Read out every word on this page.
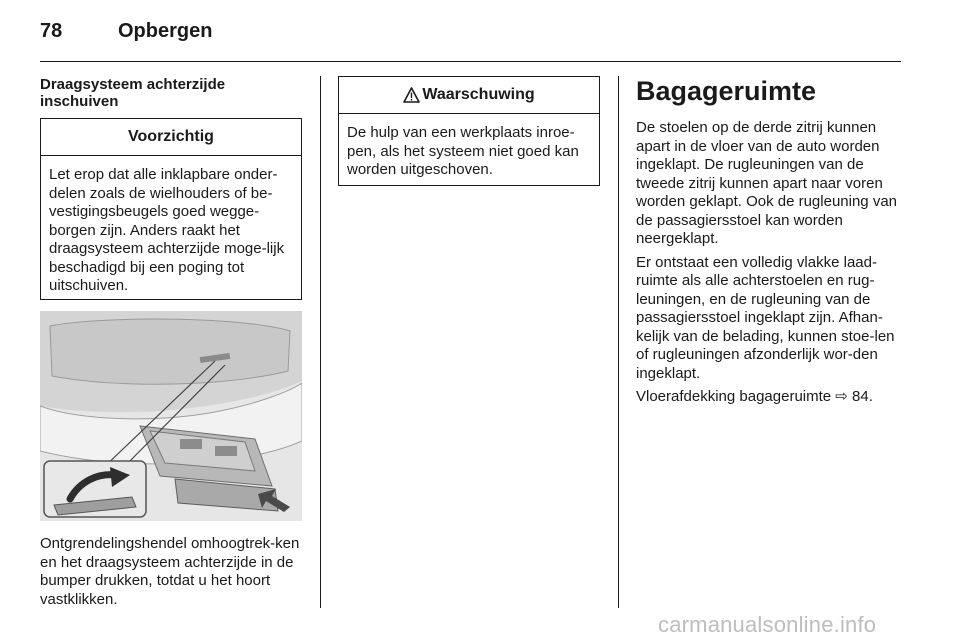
78	Opbergen
Draagsysteem achterzijde inschuiven
Voorzichtig
Let erop dat alle inklapbare onder-delen zoals de wielhouders of be-vestigingsbeugels goed wegge-borgen zijn. Anders raakt het draagsysteem achterzijde moge-lijk beschadigd bij een poging tot uitschuiven.
Ontgrendelingshendel omhoogtrek-ken en het draagsysteem achterzijde in de bumper drukken, totdat u het hoort vastklikken.
Waarschuwing
De hulp van een werkplaats inroe-pen, als het systeem niet goed kan worden uitgeschoven.
Bagageruimte

De stoelen op de derde zitrij kunnen apart in de vloer van de auto worden ingeklapt. De rugleuningen van de tweede zitrij kunnen apart naar voren worden geklapt. Ook de rugleuning van de passagiersstoel kan worden neergeklapt.

Er ontstaat een volledig vlakke laad-ruimte als alle achterstoelen en rug-leuningen, en de rugleuning van de passagiersstoel ingeklapt zijn. Afhan-kelijk van de belading, kunnen stoe-len of rugleuningen afzonderlijk wor-den ingeklapt.

Vloerafdekking bagageruimte ⇨ 84.

carmanualsonline.info
